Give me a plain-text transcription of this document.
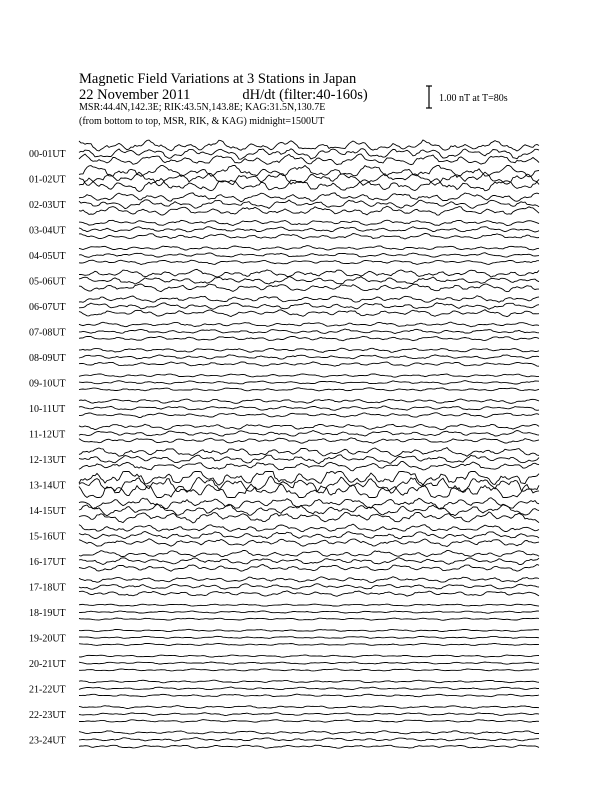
Magnetic Field Variations at 3 Stations in Japan
22 November 2011	dH/dt (filter:40-160s)
MSR:44.4N,142.3E; RIK:43.5N,143.8E; KAG:31.5N,130.7E
(from bottom to top, MSR, RIK, & KAG) midnight=1500UT
1.00 nT at T=80s
00-01UT
01-02UT
02-03UT
03-04UT
04-05UT
05-06UT
06-07UT
07-08UT
08-09UT
09-10UT
10-11UT
11-12UT
12-13UT
13-14UT
14-15UT
15-16UT
16-17UT
17-18UT
18-19UT
19-20UT
20-21UT
21-22UT
22-23UT
23-24UT
